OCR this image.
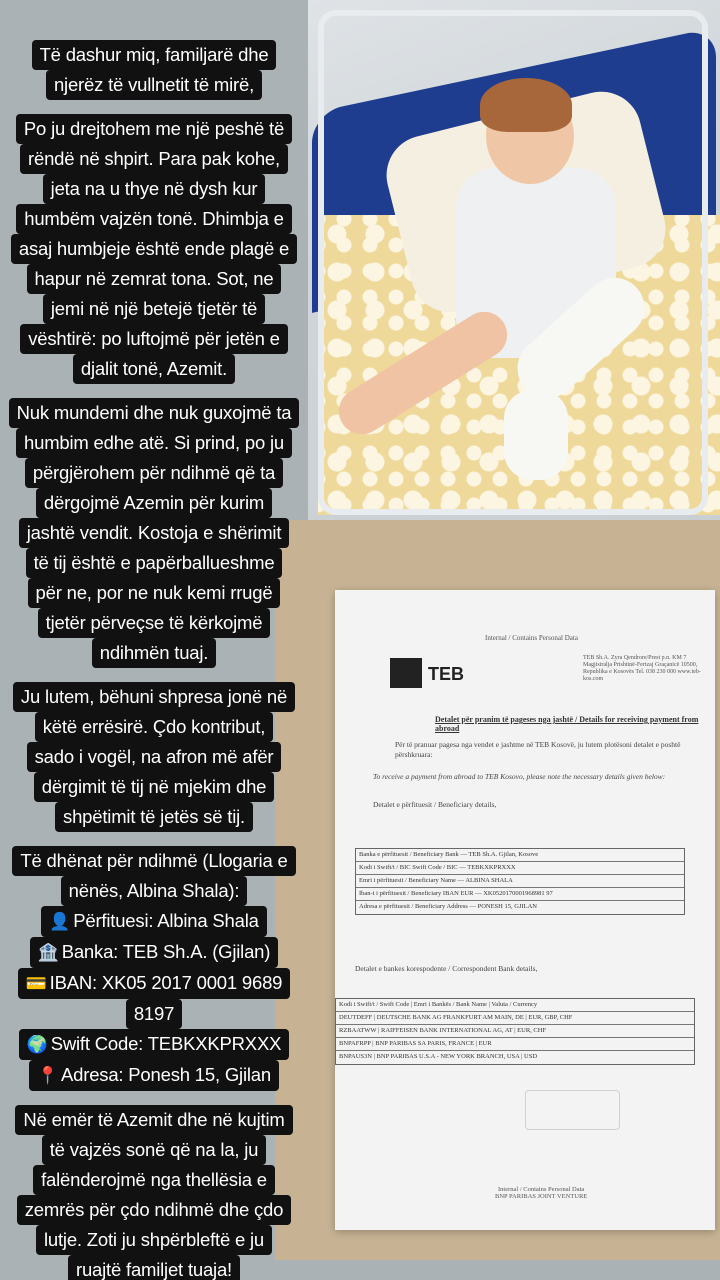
Internal / Contains Personal Data
TEB
TEB Sh.A. Zyra Qendrore/Prest p.n. KM 7 Magjistralja Prishtinë-Ferizaj Graçanicë 10500, Republika e Kosovës Tel. 038 230 000 www.teb-kos.com
Detalet për pranim të pageses nga jashtë / Details for receiving payment from abroad
Për të pranuar pagesa nga vendet e jashtme në TEB Kosovë, ju lutem plotësoni detalet e poshtë përshkruara:
To receive a payment from abroad to TEB Kosovo, please note the necessary details given below:
Detalet e përfituesit / Beneficiary details,
Banka e përfituesit / Beneficiary Bank — TEB Sh.A. Gjilan, Kosove
Kodi i Swift/t / BIC Swift Code / BIC — TEBKXKPRXXX
Emri i përfituesit / Beneficiary Name — ALBINA SHALA
Iban-i i përfituesit / Beneficiary IBAN EUR — XK0520170001968981 97
Adresa e përfituesit / Beneficiary Address — PONESH 15, GJILAN
Detalet e bankes korespodente / Correspondent Bank details,
Kodi i Swift/t / Swift Code | Emri i Bankës / Bank Name | Valuta / Currency
DEUTDEFF | DEUTSCHE BANK AG FRANKFURT AM MAIN, DE | EUR, GBP, CHF
RZBAATWW | RAIFFEISEN BANK INTERNATIONAL AG, AT | EUR, CHF
BNPAFRPP | BNP PARIBAS SA PARIS, FRANCE | EUR
BNPAUS3N | BNP PARIBAS U.S.A - NEW YORK BRANCH, USA | USD
Internal / Contains Personal Data
BNP PARIBAS JOINT VENTURE
Të dashur miq, familjarë dhe
njerëz të vullnetit të mirë,
Po ju drejtohem me një peshë të
rëndë në shpirt. Para pak kohe,
jeta na u thye në dysh kur
humbëm vajzën tonë. Dhimbja e
asaj humbjeje është ende plagë e
hapur në zemrat tona. Sot, ne
jemi në një betejë tjetër të
vështirë: po luftojmë për jetën e
djalit tonë, Azemit.
Nuk mundemi dhe nuk guxojmë ta
humbim edhe atë. Si prind, po ju
përgjërohem për ndihmë që ta
dërgojmë Azemin për kurim
jashtë vendit. Kostoja e shërimit
të tij është e papërballueshme
për ne, por ne nuk kemi rrugë
tjetër përveçse të kërkojmë
ndihmën tuaj.
Ju lutem, bëhuni shpresa jonë në
këtë errësirë. Çdo kontribut,
sado i vogël, na afron më afër
dërgimit të tij në mjekim dhe
shpëtimit të jetës së tij.
Të dhënat për ndihmë (Llogaria e
nënës, Albina Shala):
👤 Përfituesi: Albina Shala
🏦 Banka: TEB Sh.A. (Gjilan)
💳 IBAN: XK05 2017 0001 9689
8197
🌍 Swift Code: TEBKXKPRXXX
📍 Adresa: Ponesh 15, Gjilan
Në emër të Azemit dhe në kujtim
të vajzës sonë që na la, ju
falënderojmë nga thellësia e
zemrës për çdo ndihmë dhe çdo
lutje. Zoti ju shpërbleftë e ju
ruajtë familjet tuaja!
